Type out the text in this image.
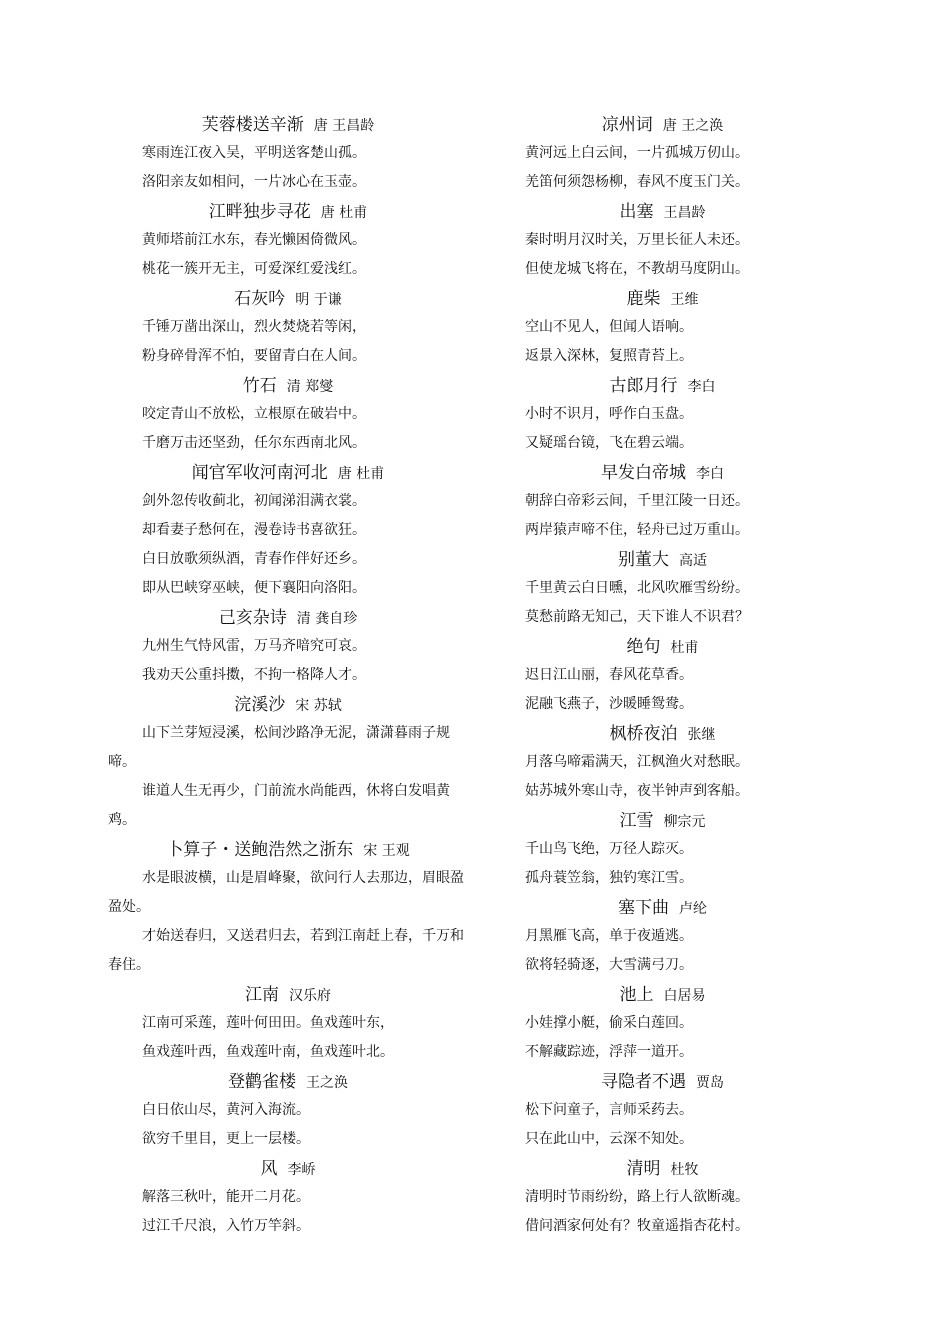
芙蓉楼送辛渐 唐 王昌龄
寒雨连江夜入吴，平明送客楚山孤。
洛阳亲友如相问，一片冰心在玉壶。
江畔独步寻花 唐 杜甫
黄师塔前江水东，春光懒困倚微风。
桃花一簇开无主，可爱深红爱浅红。
石灰吟 明 于谦
千锤万凿出深山，烈火焚烧若等闲，
粉身碎骨浑不怕，要留青白在人间。
竹石 清 郑燮
咬定青山不放松，立根原在破岩中。
千磨万击还坚劲，任尔东西南北风。
闻官军收河南河北 唐 杜甫
剑外忽传收蓟北，初闻涕泪满衣裳。
却看妻子愁何在，漫卷诗书喜欲狂。
白日放歌须纵酒，青春作伴好还乡。
即从巴峡穿巫峡，便下襄阳向洛阳。
己亥杂诗 清 龚自珍
九州生气恃风雷，万马齐喑究可哀。
我劝天公重抖擞，不拘一格降人才。
浣溪沙 宋 苏轼

山下兰芽短浸溪，松间沙路净无泥，潇潇暮雨子规啼。

谁道人生无再少，门前流水尚能西，休将白发唱黄鸡。

卜算子・送鲍浩然之浙东 宋 王观

水是眼波横，山是眉峰聚，欲问行人去那边，眉眼盈盈处。

才始送春归，又送君归去，若到江南赶上春，千万和春住。

江南 汉乐府
江南可采莲，莲叶何田田。鱼戏莲叶东，
鱼戏莲叶西，鱼戏莲叶南，鱼戏莲叶北。
登鹳雀楼 王之涣
白日依山尽，黄河入海流。
欲穷千里目，更上一层楼。
风 李峤
解落三秋叶，能开二月花。
过江千尺浪，入竹万竿斜。
凉州词 唐 王之涣
黄河远上白云间，一片孤城万仞山。
羌笛何须怨杨柳，春风不度玉门关。
出塞 王昌龄
秦时明月汉时关，万里长征人未还。
但使龙城飞将在，不教胡马度阴山。
鹿柴 王维
空山不见人，但闻人语响。
返景入深林，复照青苔上。
古郎月行 李白
小时不识月，呼作白玉盘。
又疑瑶台镜，飞在碧云端。
早发白帝城 李白
朝辞白帝彩云间，千里江陵一日还。
两岸猿声啼不住，轻舟已过万重山。
别董大 高适
千里黄云白日曛，北风吹雁雪纷纷。
莫愁前路无知己，天下谁人不识君？
绝句 杜甫
迟日江山丽，春风花草香。
泥融飞燕子，沙暖睡鸳鸯。
枫桥夜泊 张继
月落乌啼霜满天，江枫渔火对愁眠。
姑苏城外寒山寺，夜半钟声到客船。
江雪 柳宗元
千山鸟飞绝，万径人踪灭。
孤舟蓑笠翁，独钓寒江雪。
塞下曲 卢纶
月黑雁飞高，单于夜遁逃。
欲将轻骑逐，大雪满弓刀。
池上 白居易
小娃撑小艇，偷采白莲回。
不解藏踪迹，浮萍一道开。
寻隐者不遇 贾岛
松下问童子，言师采药去。
只在此山中，云深不知处。
清明 杜牧
清明时节雨纷纷，路上行人欲断魂。
借问酒家何处有？牧童遥指杏花村。
